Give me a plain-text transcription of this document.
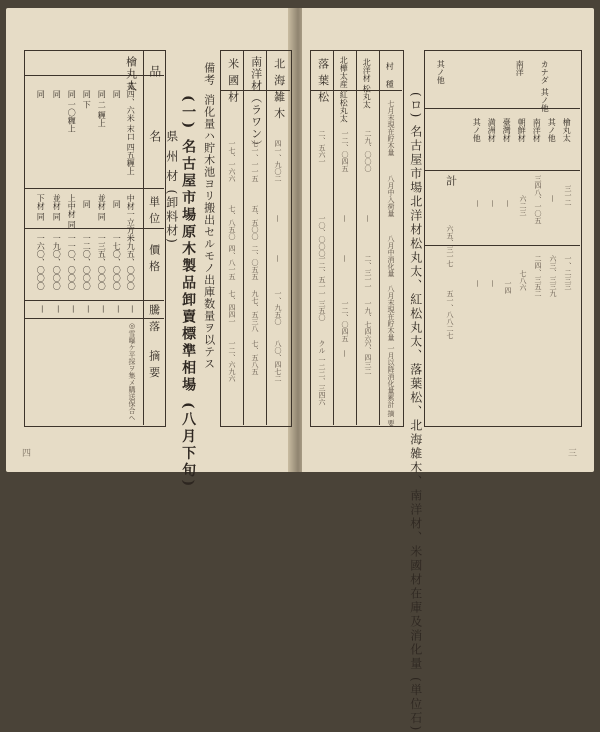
品
名
単 位
價 格
騰 落
摘 要
檜丸太
長四、六米 末口 四五糎上
中材一立方米
一九五、〇〇〇
—
◎雪曝ケ平採ヲ集メ購送保合ヘ
同
同
一七〇、〇〇〇
—
同 二 糎上
並材 同
一三五、〇〇〇
—
同 下
同
一二〇、〇〇〇
—
同 一〇糎上
上中材 同
一一〇、〇〇〇
—
同
並材 同
一九〇、〇〇〇
—
同
下材 同
一六〇、〇〇〇
—	(一) 名古屋市場原木製品卸賣標準相場 (八月下旬)
県 州 材 (卸料材)
備考
消化量ハ貯木池ヨリ搬出セルモノ出庫数量ヲ以テス
米 國 材
一七、一六六
七、八五〇
四、八一五
七、四四一
一二、六九六
南洋材（ラワン）
七一、一一五
五、五〇〇
二、〇五五
九七、五三八
七、五八五
北 海 雑 木
四一、九〇二
—
—
一、九五〇
八〇、四七二
四
落 葉 松
二、五六一
一〇、〇〇〇
一二、五一一
三五〇
クル 一二二、三四六
北樺太産 紅松丸太
一二、〇四五
—
—
一二、〇四五
—
北洋材 松丸太
二九、〇〇〇
—
二、三一一
一九、七四六
六、四三二
村
種
七月末現在貯木量
八月中入荷量
八月中消化量
八月末現在貯木量
一月以降消化量累計
摘 要 (ロ) 名古屋市場北洋材松丸太、紅松丸太、落葉松、北海雑木、南洋材、米國材在庫及消化量 (単位石)
其ノ他	カナダ
其ノ他
南洋
檜丸太
三一二
一、二三三
其ノ他
—
六三、三三九
南洋材
三四八、一〇五
二四、三五二
朝鮮材
六二三
七八六
臺灣材
—
一四
満洲材
—
—
其ノ他
—
—
計
六五、三一七
五一、八八二七
三
